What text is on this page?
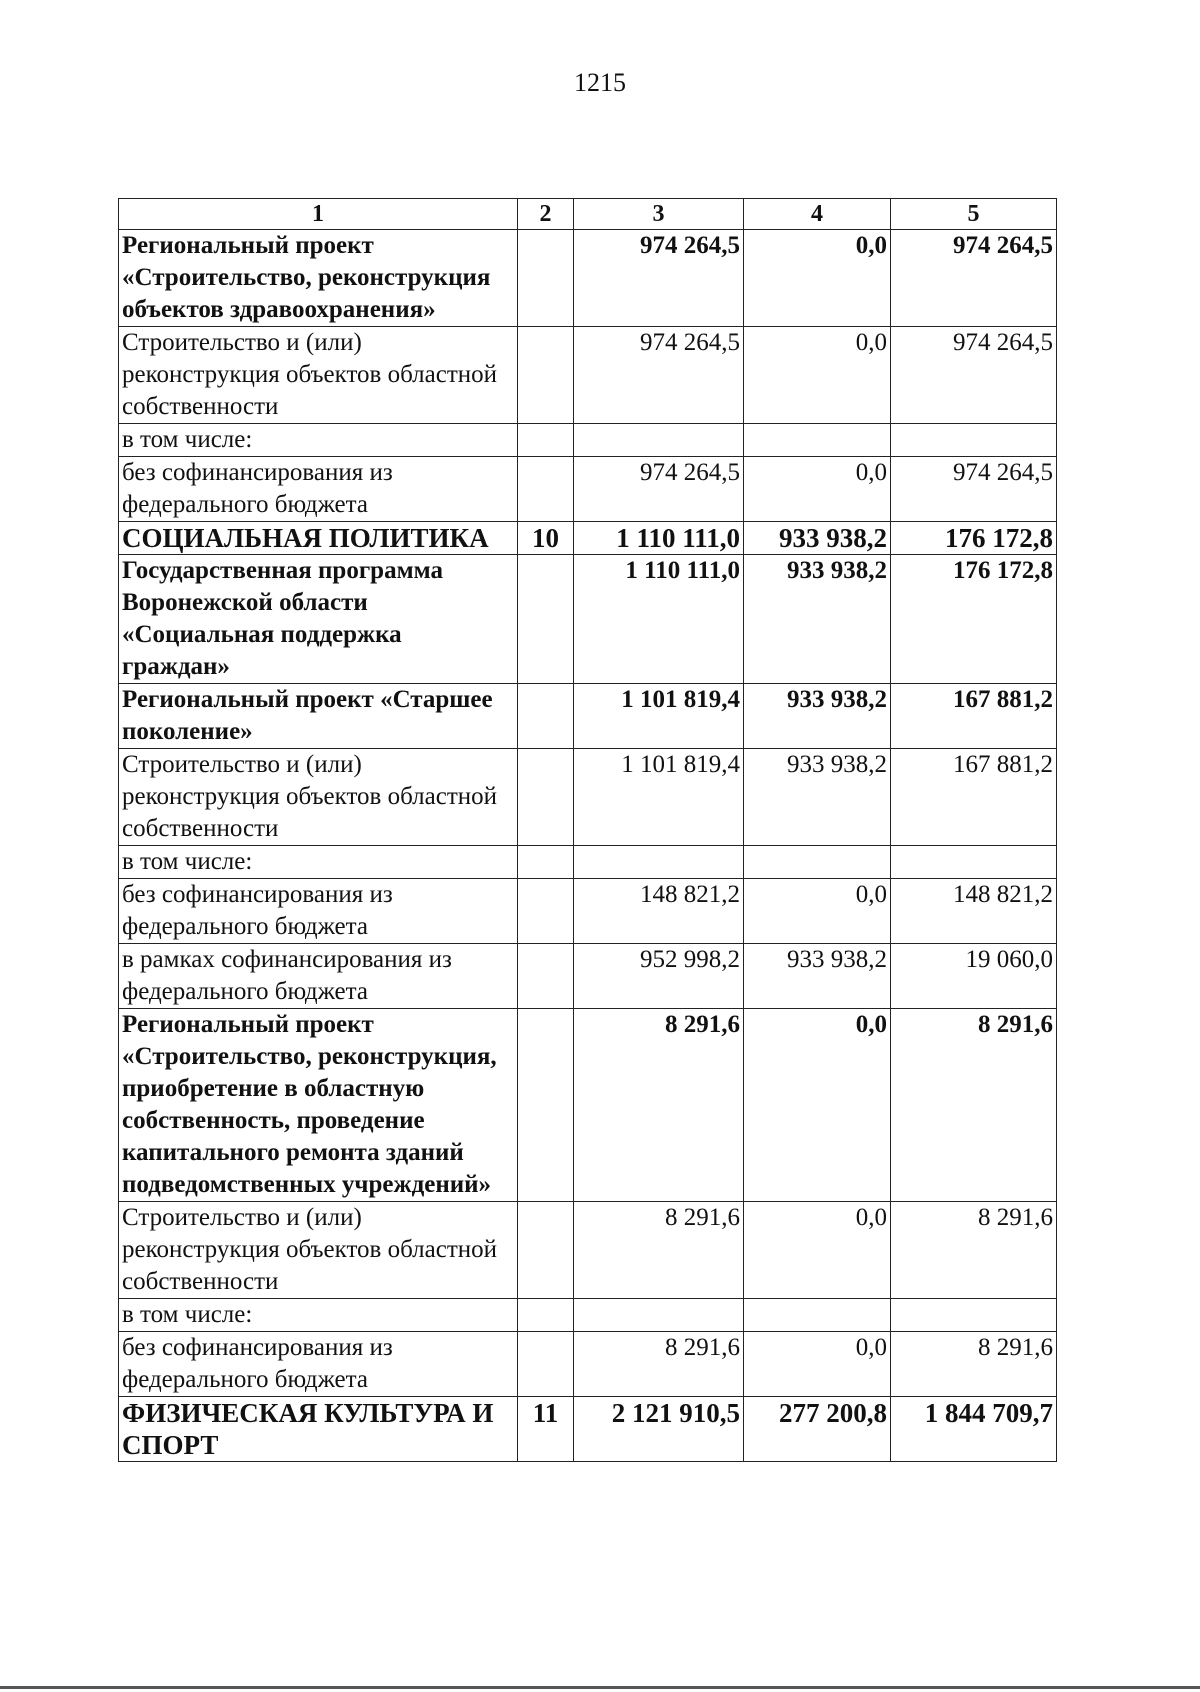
1215
1	2	3	4	5
Региональный проект «Строительство, реконструкция объектов здравоохранения»		974 264,5	0,0	974 264,5
Строительство и (или) реконструкция объектов областной собственности		974 264,5	0,0	974 264,5
в том числе:				
без софинансирования из федерального бюджета		974 264,5	0,0	974 264,5
СОЦИАЛЬНАЯ ПОЛИТИКА	10	1 110 111,0	933 938,2	176 172,8
Государственная программа Воронежской области «Социальная поддержка граждан»		1 110 111,0	933 938,2	176 172,8
Региональный проект «Старшее поколение»		1 101 819,4	933 938,2	167 881,2
Строительство и (или) реконструкция объектов областной собственности		1 101 819,4	933 938,2	167 881,2
в том числе:				
без софинансирования из федерального бюджета		148 821,2	0,0	148 821,2
в рамках софинансирования из федерального бюджета		952 998,2	933 938,2	19 060,0
Региональный проект «Строительство, реконструкция, приобретение в областную собственность, проведение капитального ремонта зданий подведомственных учреждений»		8 291,6	0,0	8 291,6
Строительство и (или) реконструкция объектов областной собственности		8 291,6	0,0	8 291,6
в том числе:				
без софинансирования из федерального бюджета		8 291,6	0,0	8 291,6
ФИЗИЧЕСКАЯ КУЛЬТУРА И СПОРТ	11	2 121 910,5	277 200,8	1 844 709,7
